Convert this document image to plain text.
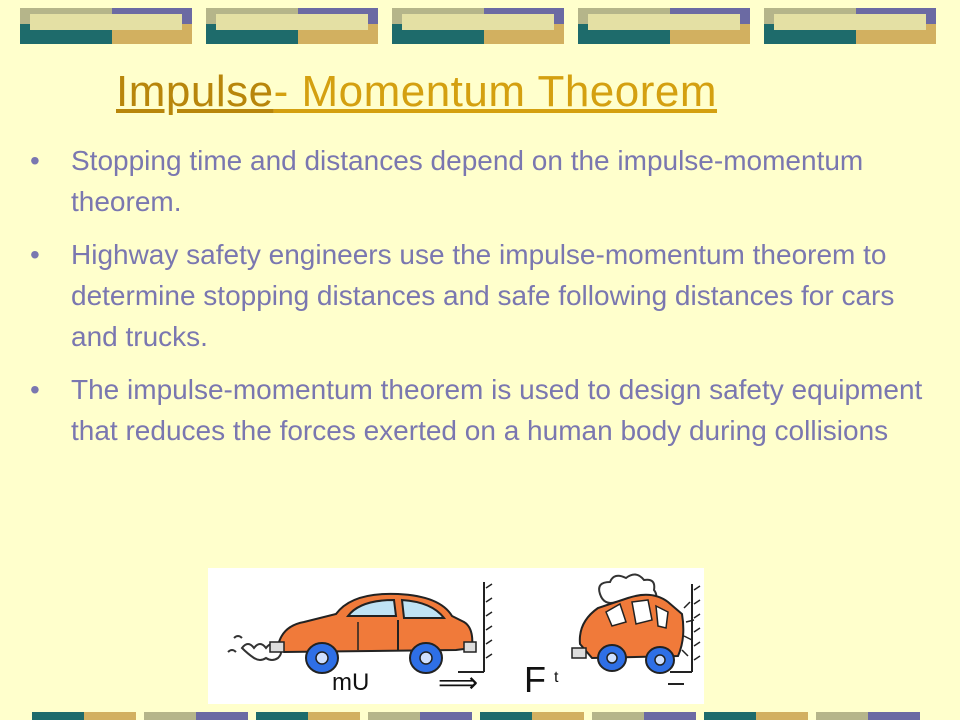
Impulse- Momentum Theorem
• Stopping time and distances depend on the impulse-momentum theorem.
• Highway safety engineers use the impulse-momentum theorem to determine stopping distances and safe following distances for cars and trucks.
• The impulse-momentum theorem is used to design safety equipment that reduces the forces exerted on a human body during collisions
mU ⟹ F t
